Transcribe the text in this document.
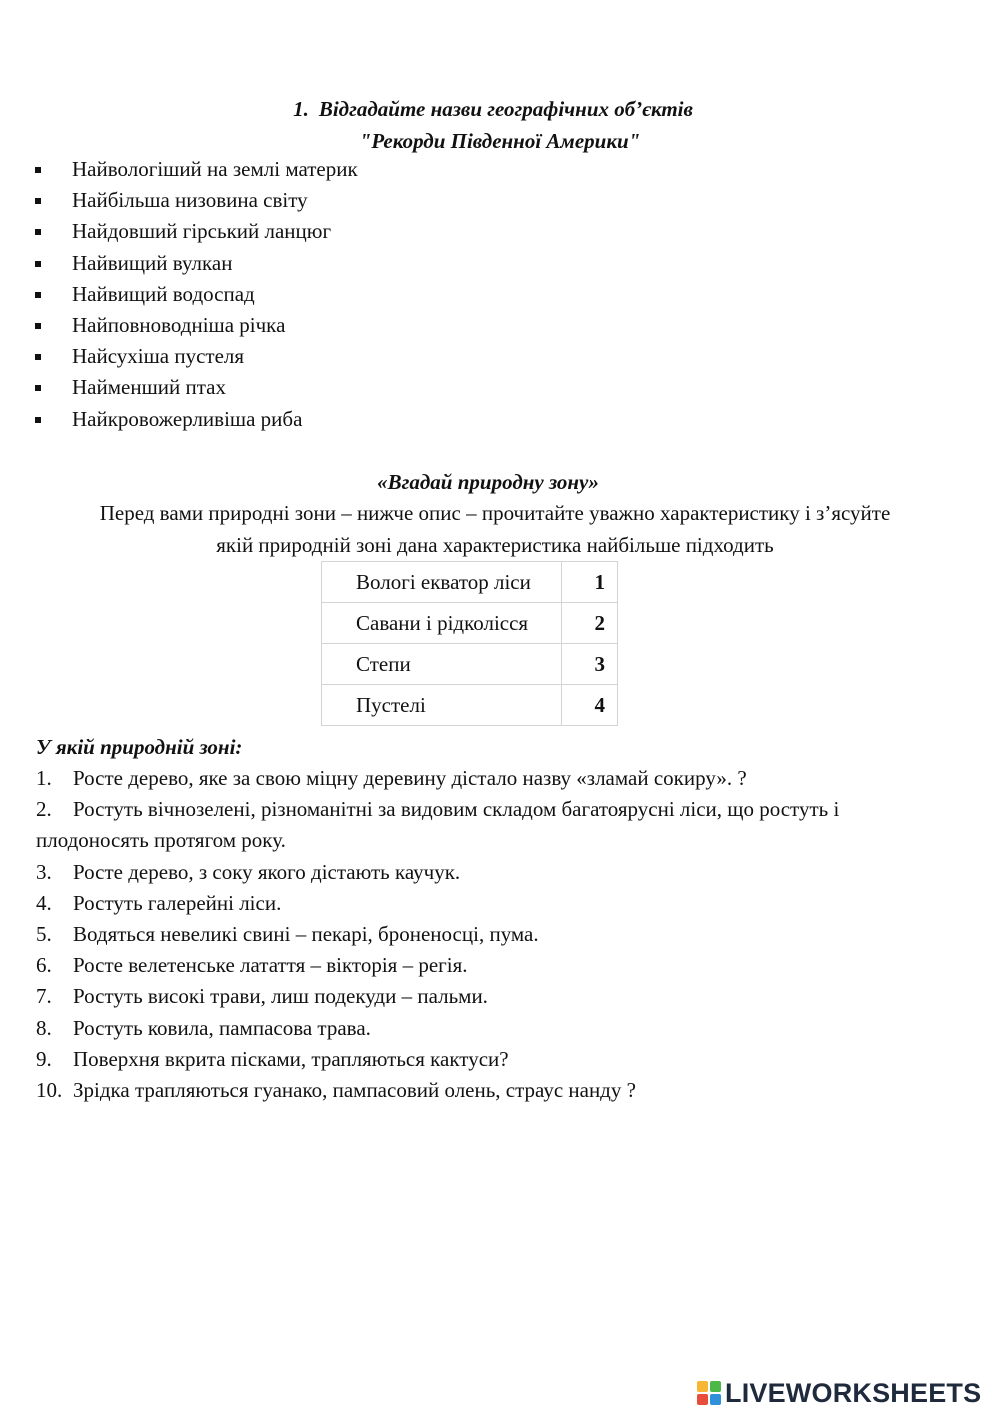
1. Відгадайте назви географічних об’єктів
"Рекорди Південної Америки"
Найвологіший на землі материк
Найбільша низовина світу
Найдовший гірський ланцюг
Найвищий вулкан
Найвищий водоспад
Найповноводніша річка
Найсухіша пустеля
Найменший птах
Найкровожерливіша риба
«Вгадай природну зону»
Перед вами природні зони – нижче опис – прочитайте уважно характеристику і з’ясуйте
якій природній зоні дана характеристика найбільше підходить
Вологі екватор ліси	1
Савани і рідколісся	2
Степи	3
Пустелі	4
У якій природній зоні:
1. Росте дерево, яке за свою міцну деревину дістало назву «зламай сокиру». ?
2. Ростуть вічнозелені, різноманітні за видовим складом багатоярусні ліси, що ростуть і плодоносять протягом року.
3. Росте дерево, з соку якого дістають каучук.
4. Ростуть галерейні ліси.
5. Водяться невеликі свині – пекарі, броненосці, пума.
6. Росте велетенське латаття – вікторія – регія.
7. Ростуть високі трави, лиш подекуди – пальми.
8. Ростуть ковила, пампасова трава.
9. Поверхня вкрита пісками, трапляються кактуси?
10. Зрідка трапляються гуанако, пампасовий олень, страус нанду ?
LIVEWORKSHEETS
